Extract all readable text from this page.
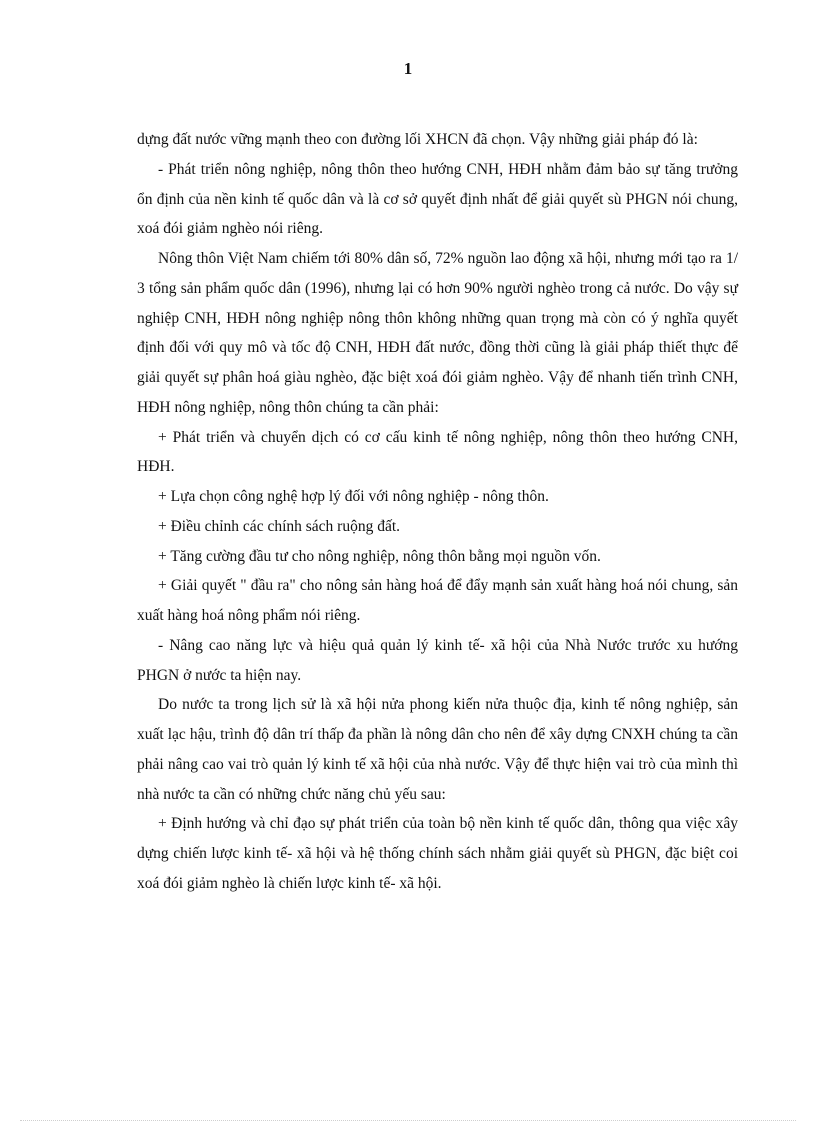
1

dựng đất nước vững mạnh theo con đường lối XHCN đã chọn. Vậy những giải pháp đó là:

- Phát triển nông nghiệp, nông thôn theo hướng CNH, HĐH nhằm đảm bảo sự tăng trưởng ổn định của nền kinh tế quốc dân và là cơ sở quyết định nhất để giải quyết sù PHGN nói chung, xoá đói giảm nghèo nói riêng.

Nông thôn Việt Nam chiếm tới 80% dân số, 72% nguồn lao động xã hội, nhưng mới tạo ra 1/ 3 tổng sản phẩm quốc dân (1996), nhưng lại có hơn 90% người nghèo trong cả nước. Do vậy sự nghiệp CNH, HĐH nông nghiệp nông thôn không những quan trọng mà còn có ý nghĩa quyết định đối với quy mô và tốc độ CNH, HĐH đất nước, đồng thời cũng là giải pháp thiết thực để giải quyết sự phân hoá giàu nghèo, đặc biệt xoá đói giảm nghèo. Vậy để nhanh tiến trình CNH, HĐH nông nghiệp, nông thôn chúng ta cần phải:

+ Phát triển và chuyển dịch có cơ cấu kinh tế nông nghiệp, nông thôn theo hướng CNH, HĐH.

+ Lựa chọn công nghệ hợp lý đối với nông nghiệp - nông thôn.

+ Điều chỉnh các chính sách ruộng đất.

+ Tăng cường đầu tư cho nông nghiệp, nông thôn bằng mọi nguồn vốn.

+ Giải quyết " đầu ra" cho nông sản hàng hoá để đẩy mạnh sản xuất hàng hoá nói chung, sản xuất hàng hoá nông phẩm nói riêng.

- Nâng cao năng lực và hiệu quả quản lý kinh tế- xã hội của Nhà Nước trước xu hướng PHGN ở nước ta hiện nay.

Do nước ta trong lịch sử là xã hội nửa phong kiến nửa thuộc địa, kinh tế nông nghiệp, sản xuất lạc hậu, trình độ dân trí thấp đa phần là nông dân cho nên để xây dựng CNXH chúng ta cần phải nâng cao vai trò quản lý kinh tế xã hội của nhà nước. Vậy để thực hiện vai trò của mình thì nhà nước ta cần có những chức năng chủ yếu sau:

+ Định hướng và chỉ đạo sự phát triển của toàn bộ nền kinh tế quốc dân, thông qua việc xây dựng chiến lược kinh tế- xã hội và hệ thống chính sách nhằm giải quyết sù PHGN, đặc biệt coi xoá đói giảm nghèo là chiến lược kinh tế- xã hội.
